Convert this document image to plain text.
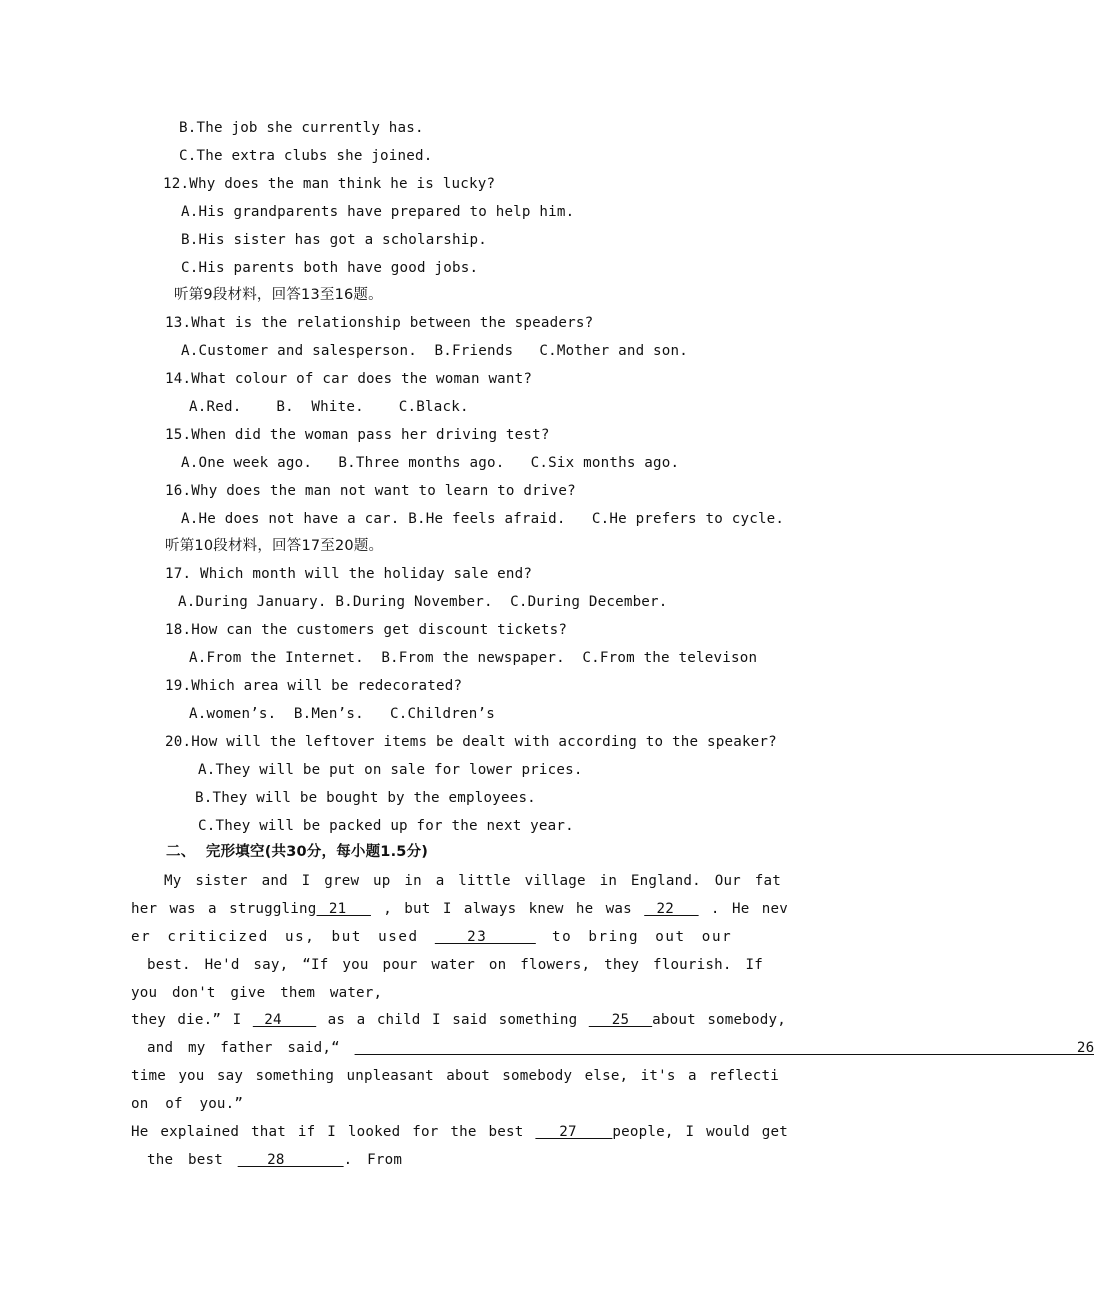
B.The job she currently has.
C.The extra clubs she joined.
12.Why does the man think he is lucky?
A.His grandparents have prepared to help him.
B.His sister has got a scholarship.
C.His parents both have good jobs.
听第9段材料，回答13至16题。
13.What is the relationship between the speaders?
A.Customer and salesperson.  B.Friends   C.Mother and son.
14.What colour of car does the woman want?
A.Red.    B.  White.    C.Black.
15.When did the woman pass her driving test?
A.One week ago.   B.Three months ago.   C.Six months ago.
16.Why does the man not want to learn to drive?
A.He does not have a car. B.He feels afraid.   C.He prefers to cycle.
听第10段材料，回答17至20题。
17. Which month will the holiday sale end?
A.During January. B.During November.  C.During December.
18.How can the customers get discount tickets?
A.From the Internet.  B.From the newspaper.  C.From the televison
19.Which area will be redecorated?
A.women’s.  B.Men’s.   C.Children’s
20.How will the leftover items be dealt with according to the speaker?
A.They will be put on sale for lower prices.
B.They will be bought by the employees.
C.They will be packed up for the next year.
二、  完形填空(共30分，每小题1.5分)
My sister and I grew up in a little village in England. Our fat
her was a struggling 21   , but I always knew he was  22   . He nev
er criticized us, but used   23    to bring out our
best. He'd say, “If you pour water on flowers, they flourish. If
you don't give them water,
they die.” I  24    as a child I said something   25  about somebody,
and my father said,“                                                  26
time you say something unpleasant about somebody else, it's a reflecti
on of you.”
He explained that if I looked for the best   27   people, I would get
the best   28    . From
